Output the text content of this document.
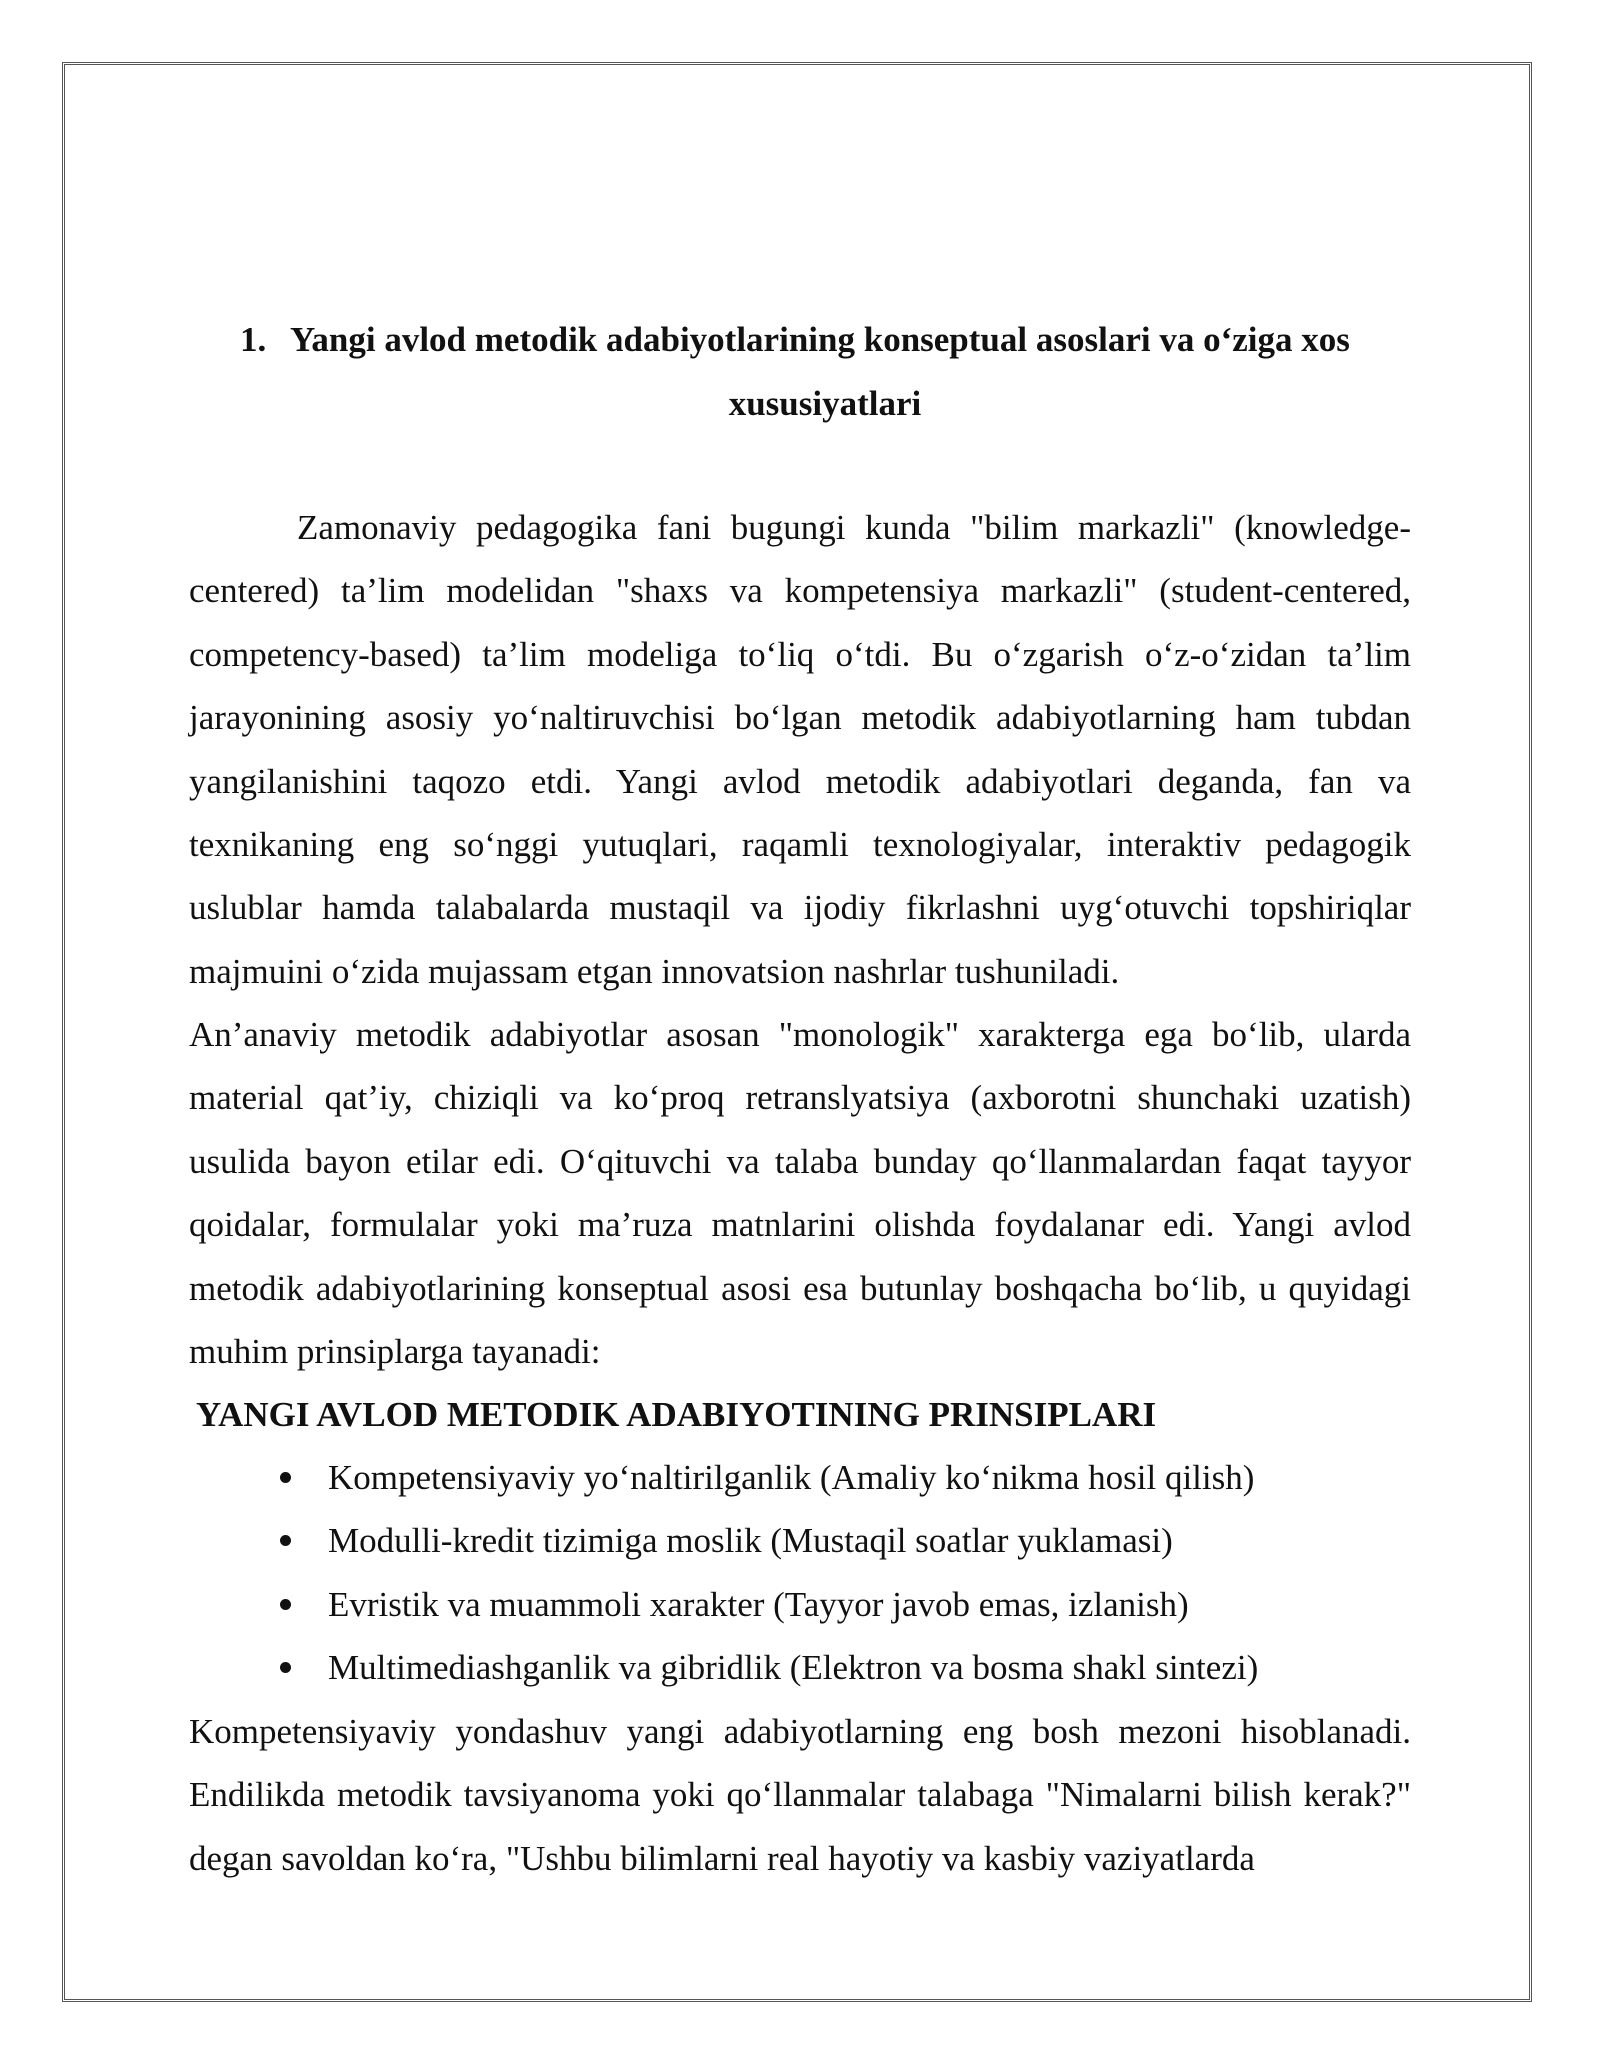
1. Yangi avlod metodik adabiyotlarining konseptual asoslari va o‘ziga xos
xususiyatlari
Zamonaviy pedagogika fani bugungi kunda "bilim markazli" (knowledge-centered) ta’lim modelidan "shaxs va kompetensiya markazli" (student-centered, competency-based) ta’lim modeliga to‘liq o‘tdi. Bu o‘zgarish o‘z-o‘zidan ta’lim jarayonining asosiy yo‘naltiruvchisi bo‘lgan metodik adabiyotlarning ham tubdan yangilanishini taqozo etdi. Yangi avlod metodik adabiyotlari deganda, fan va texnikaning eng so‘nggi yutuqlari, raqamli texnologiyalar, interaktiv pedagogik uslublar hamda talabalarda mustaqil va ijodiy fikrlashni uyg‘otuvchi topshiriqlar majmuini o‘zida mujassam etgan innovatsion nashrlar tushuniladi.
An’anaviy metodik adabiyotlar asosan "monologik" xarakterga ega bo‘lib, ularda material qat’iy, chiziqli va ko‘proq retranslyatsiya (axborotni shunchaki uzatish) usulida bayon etilar edi. O‘qituvchi va talaba bunday qo‘llanmalardan faqat tayyor qoidalar, formulalar yoki ma’ruza matnlarini olishda foydalanar edi. Yangi avlod metodik adabiyotlarining konseptual asosi esa butunlay boshqacha bo‘lib, u quyidagi muhim prinsiplarga tayanadi:
YANGI AVLOD METODIK ADABIYOTINING PRINSIPLARI
Kompetensiyaviy yo‘naltirilganlik (Amaliy ko‘nikma hosil qilish)
Modulli-kredit tizimiga moslik (Mustaqil soatlar yuklamasi)
Evristik va muammoli xarakter (Tayyor javob emas, izlanish)
Multimediashganlik va gibridlik (Elektron va bosma shakl sintezi)
Kompetensiyaviy yondashuv yangi adabiyotlarning eng bosh mezoni hisoblanadi. Endilikda metodik tavsiyanoma yoki qo‘llanmalar talabaga "Nimalarni bilish kerak?" degan savoldan ko‘ra, "Ushbu bilimlarni real hayotiy va kasbiy vaziyatlarda
